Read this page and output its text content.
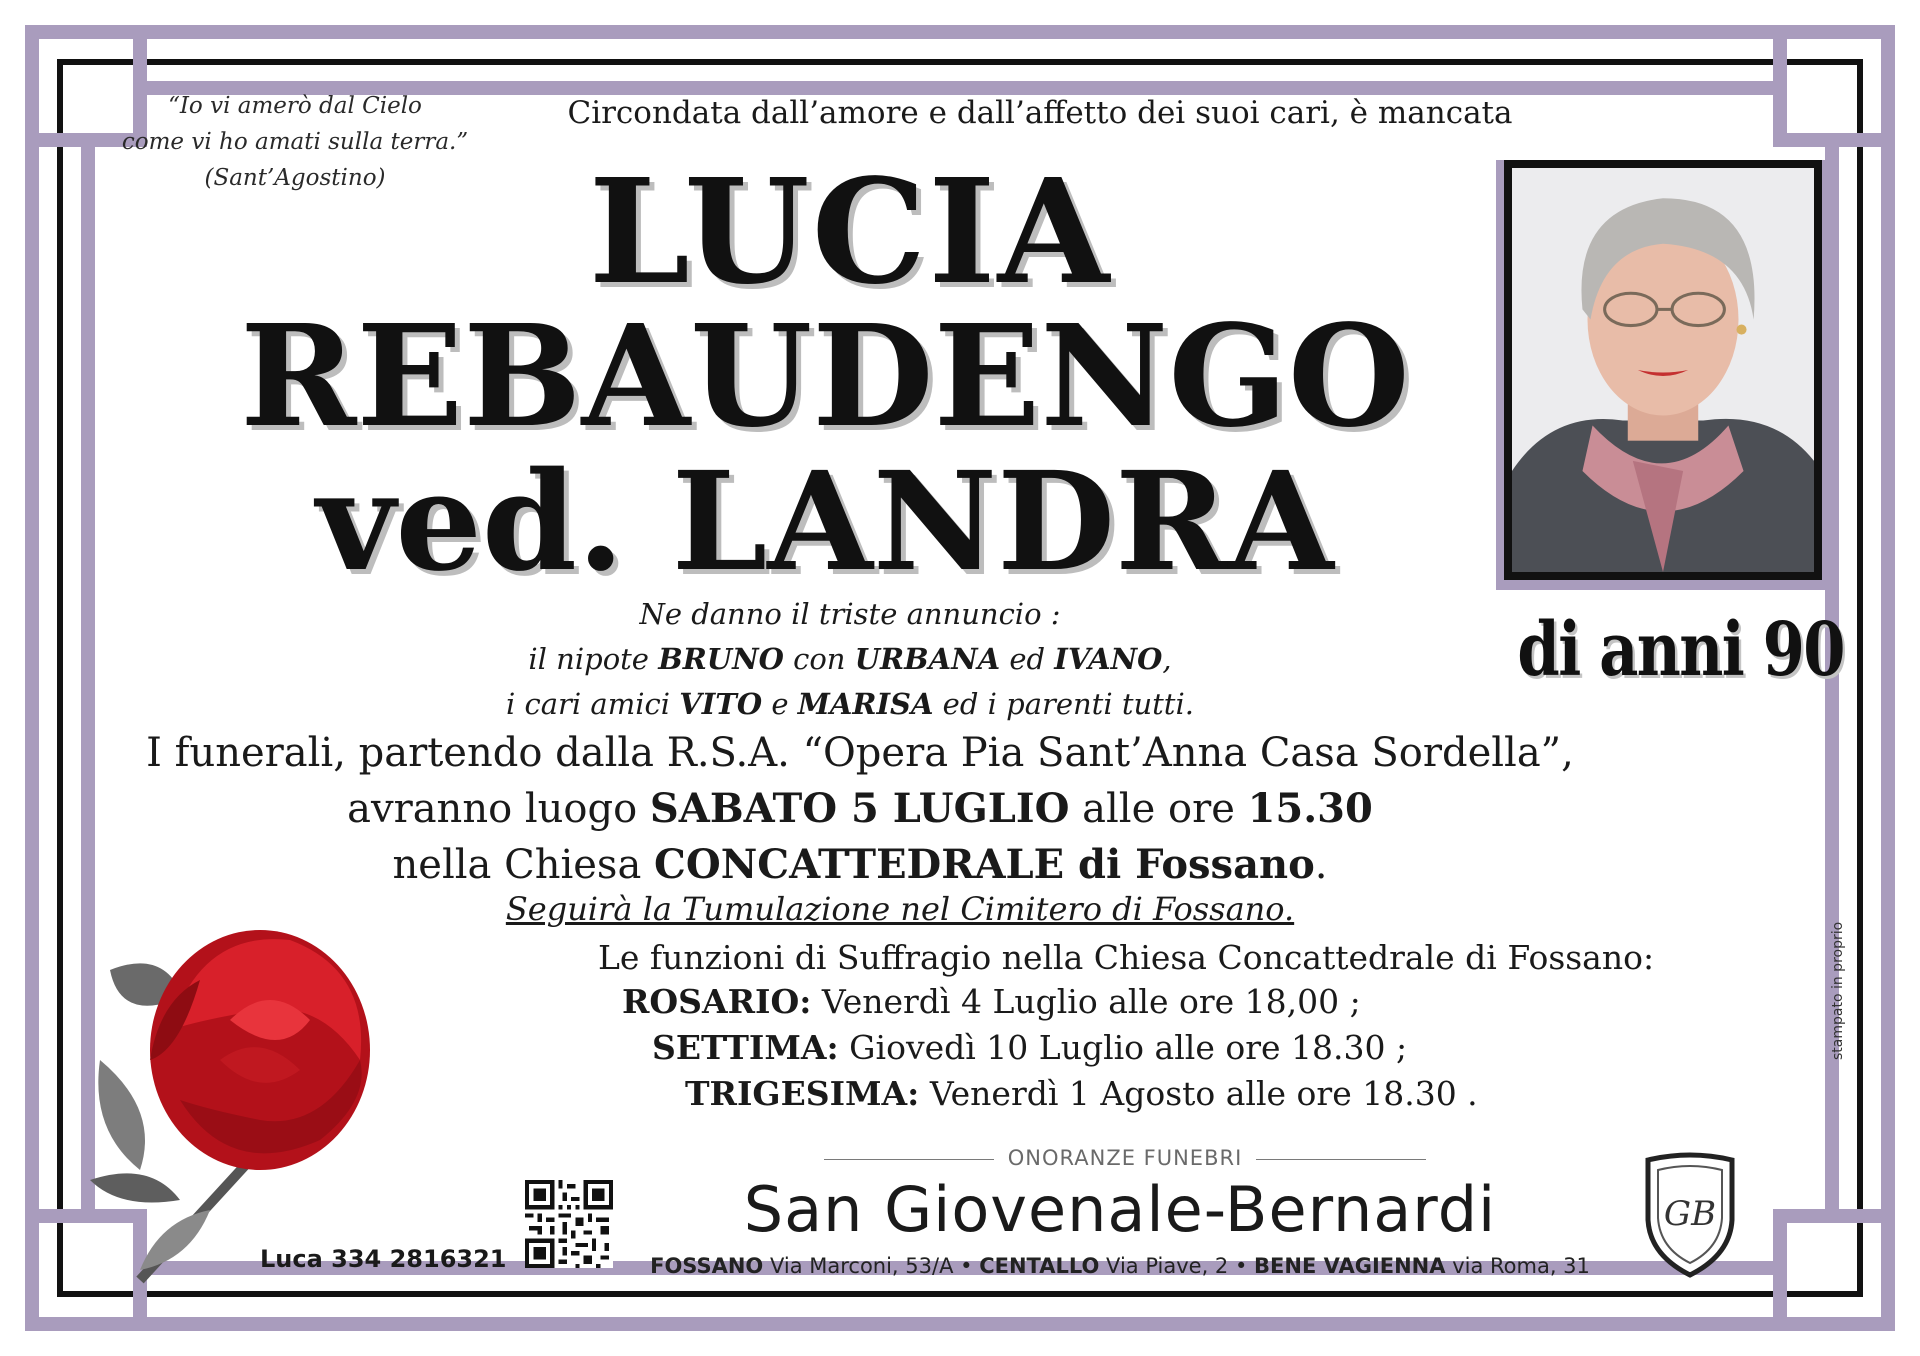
“Io vi amerò dal Cielo
come vi ho amati sulla terra.”
(Sant’Agostino)
Circondata dall’amore e dall’affetto dei suoi cari, è mancata
LUCIA
REBAUDENGO
ved. LANDRA
di anni 90
Ne danno il triste annuncio :
il nipote BRUNO con URBANA ed IVANO,
i cari amici VITO e MARISA ed i parenti tutti.
I funerali, partendo dalla R.S.A. “Opera Pia Sant’Anna Casa Sordella”,
avranno luogo SABATO 5 LUGLIO alle ore 15.30
nella Chiesa CONCATTEDRALE di Fossano.
Seguirà la Tumulazione nel Cimitero di Fossano.
Le funzioni di Suffragio nella Chiesa Concattedrale di Fossano:
ROSARIO: Venerdì 4 Luglio alle ore 18,00 ;
SETTIMA: Giovedì 10 Luglio alle ore 18.30 ;
TRIGESIMA: Venerdì 1 Agosto alle ore 18.30 .
stampato in proprio
Luca 334 2816321
ONORANZE FUNEBRI
San Giovenale-Bernardi
FOSSANO Via Marconi, 53/A • CENTALLO Via Piave, 2 • BENE VAGIENNA via Roma, 31
GB
